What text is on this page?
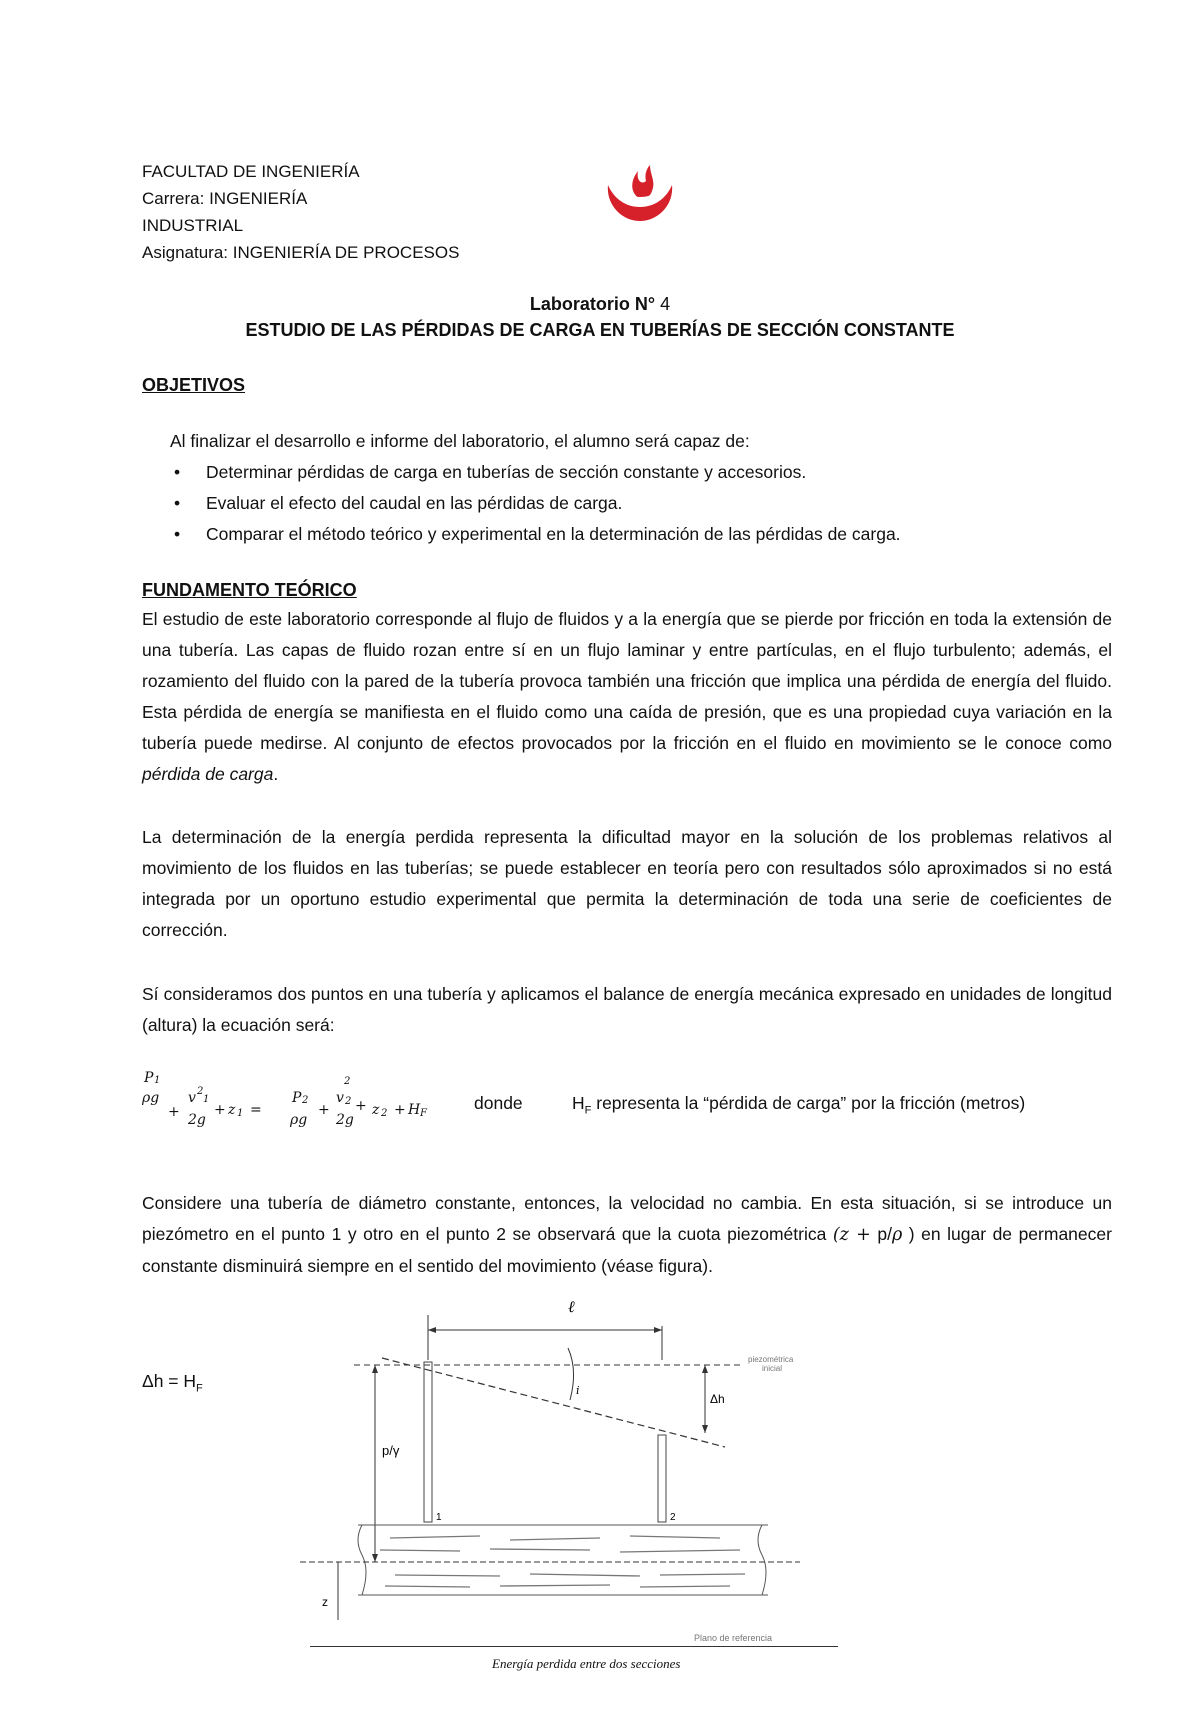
FACULTAD DE INGENIERÍA
Carrera: INGENIERÍA
INDUSTRIAL
Asignatura: INGENIERÍA DE PROCESOS
Laboratorio N° 4
ESTUDIO DE LAS PÉRDIDAS DE CARGA EN TUBERÍAS DE SECCIÓN CONSTANTE
OBJETIVOS
Al finalizar el desarrollo e informe del laboratorio, el alumno será capaz de:
• Determinar pérdidas de carga en tuberías de sección constante y accesorios.
• Evaluar el efecto del caudal en las pérdidas de carga.
• Comparar el método teórico y experimental en la determinación de las pérdidas de carga.
FUNDAMENTO TEÓRICO
El estudio de este laboratorio corresponde al flujo de fluidos y a la energía que se pierde por fricción en toda la extensión de una tubería. Las capas de fluido rozan entre sí en un flujo laminar y entre partículas, en el flujo turbulento; además, el rozamiento del fluido con la pared de la tubería provoca también una fricción que implica una pérdida de energía del fluido. Esta pérdida de energía se manifiesta en el fluido como una caída de presión, que es una propiedad cuya variación en la tubería puede medirse. Al conjunto de efectos provocados por la fricción en el fluido en movimiento se le conoce como pérdida de carga.
La determinación de la energía perdida representa la dificultad mayor en la solución de los problemas relativos al movimiento de los fluidos en las tuberías; se puede establecer en teoría pero con resultados sólo aproximados si no está integrada por un oportuno estudio experimental que permita la determinación de toda una serie de coeficientes de corrección.
Sí consideramos dos puntos en una tubería y aplicamos el balance de energía mecánica expresado en unidades de longitud (altura) la ecuación será:
P 1
ρg
+
v 2
1
2g
+ z 1 =
P 2
ρg
+
2
v 2
2g
+ z 2 + H F
donde	$H_F$ representa la “pérdida de carga” por la fricción (metros)
Considere una tubería de diámetro constante, entonces, la velocidad no cambia. En esta situación, si se introduce un piezómetro en el punto 1 y otro en el punto 2 se observará que la cuota piezométrica (z + p/ρ ) en lugar de permanecer constante disminuirá siempre en el sentido del movimiento (véase figura).
$\Delta h = H_F$
ℓ
piezométrica
inicial
i
Δh
1	2
p/γ
z
Plano de referencia
Energía perdida entre dos secciones
